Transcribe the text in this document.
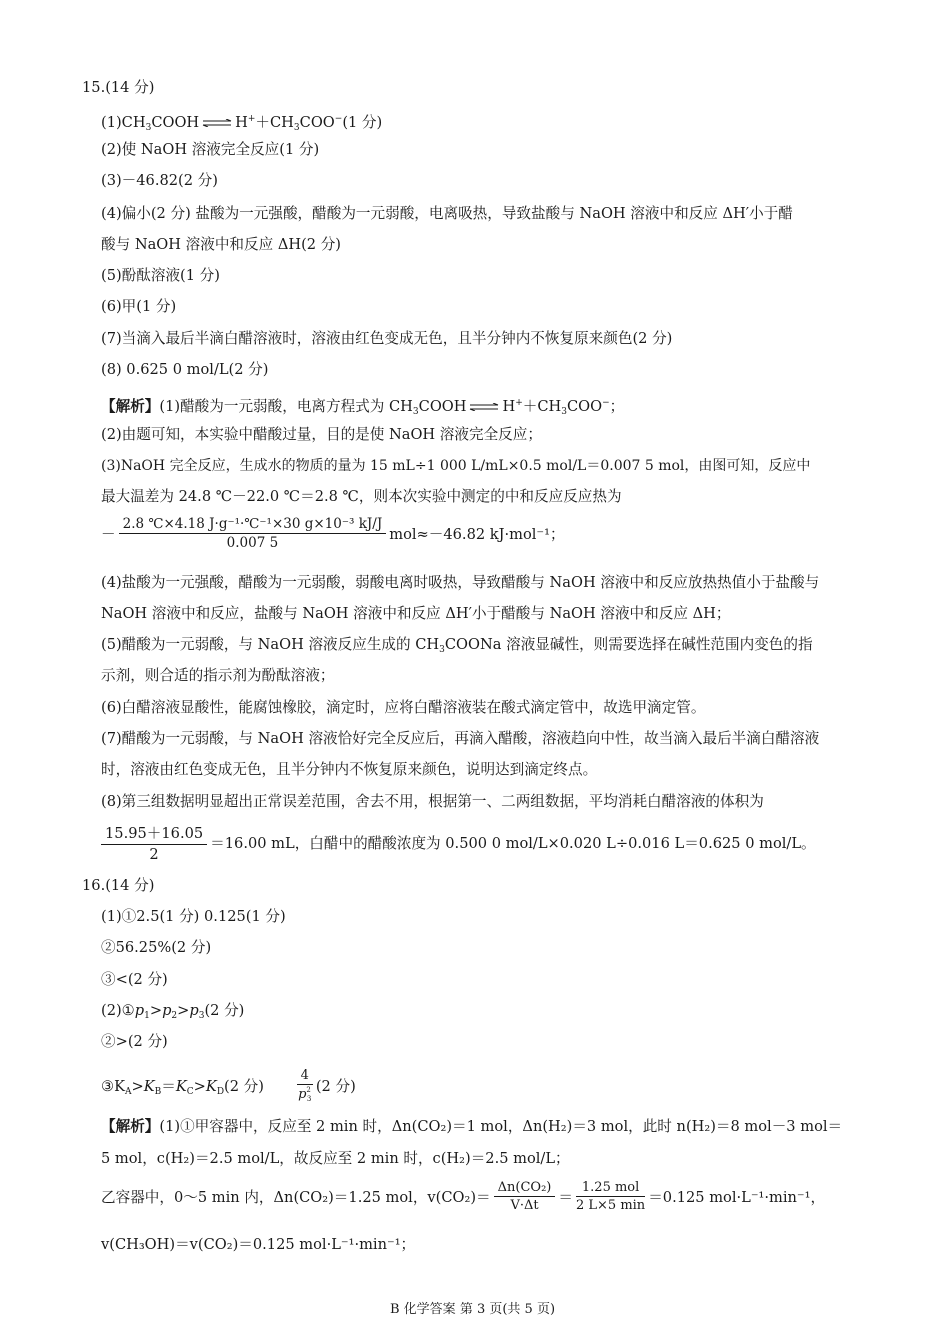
15.(14 分)
$(1)CH_3COOH$ ⇌ $H^++CH_3COO^-(1$ 分)
(2)使 NaOH 溶液完全反应(1 分)
(3)－46.82(2 分)
(4)偏小(2 分) 盐酸为一元强酸，醋酸为一元弱酸，电离吸热，导致盐酸与 NaOH 溶液中和反应 ΔH′小于醋
酸与 NaOH 溶液中和反应 ΔH(2 分)
(5)酚酞溶液(1 分)
(6)甲(1 分)
(7)当滴入最后半滴白醋溶液时，溶液由红色变成无色，且半分钟内不恢复原来颜色(2 分)
(8) 0.625 0 mol/L(2 分)
【解析】(1)醋酸为一元弱酸，电离方程式为 $CH_3COOH$ ⇌ $H^++CH_3COO^-$；
(2)由题可知，本实验中醋酸过量，目的是使 NaOH 溶液完全反应；
(3)NaOH 完全反应，生成水的物质的量为 15 mL÷1 000 L/mL×0.5 mol/L＝0.007 5 mol，由图可知，反应中
最大温差为 24.8 ℃－22.0 ℃＝2.8 ℃，则本次实验中测定的中和反应反应热为
－ $\frac{\text{2.8 ℃×4.18 J·g⁻¹·℃⁻¹×30 g×10⁻³ kJ/J}}{0.007 5} mol\approx-46.82$ kJ·mol⁻¹；
(4)盐酸为一元强酸，醋酸为一元弱酸，弱酸电离时吸热，导致醋酸与 NaOH 溶液中和反应放热热值小于盐酸与
NaOH 溶液中和反应，盐酸与 NaOH 溶液中和反应 ΔH′小于醋酸与 NaOH 溶液中和反应 ΔH；
(5)醋酸为一元弱酸，与 NaOH 溶液反应生成的 $CH_3COONa$ 溶液显碱性，则需要选择在碱性范围内变色的指
示剂，则合适的指示剂为酚酞溶液；
(6)白醋溶液显酸性，能腐蚀橡胶，滴定时，应将白醋溶液装在酸式滴定管中，故选甲滴定管。
(7)醋酸为一元弱酸，与 NaOH 溶液恰好完全反应后，再滴入醋酸，溶液趋向中性，故当滴入最后半滴白醋溶液
时，溶液由红色变成无色，且半分钟内不恢复原来颜色，说明达到滴定终点。
(8)第三组数据明显超出正常误差范围，舍去不用，根据第一、二两组数据，平均消耗白醋溶液的体积为
$\frac{15.95+16.05}{2} =16.00$ mL，白醋中的醋酸浓度为 0.500 0 mol/L×0.020 L÷0.016 L＝0.625 0 mol/L。
16.(14 分)
(1)①2.5(1 分) 0.125(1 分)
②56.25%(2 分)
③<(2 分)
$(2)①p_1>p_2>p_3(2$ 分)
②>(2 分)
$③K_A>K_B=K_C>K_D(2$ 分)	$\frac{4}{p^2_3} (2$ 分)
【解析】(1)①甲容器中，反应至 2 min 时，Δn(CO₂)＝1 mol，Δn(H₂)＝3 mol，此时 n(H₂)＝8 mol－3 mol＝
5 mol，c(H₂)＝2.5 mol/L，故反应至 2 min 时，c(H₂)＝2.5 mol/L；
乙容器中，0～5 min 内，Δn(CO₂)＝1.25 mol，$v(CO_2)= \frac{\text{Δn(CO₂)}}{V\cdot\Delta t} = \frac{\text{1.25 mol}}{2 L\times 5 \min} =0.125$ mol·L⁻¹·min⁻¹，
v(CH₃OH)＝v(CO₂)＝0.125 mol·L⁻¹·min⁻¹；
B 化学答案 第 3 页(共 5 页)
